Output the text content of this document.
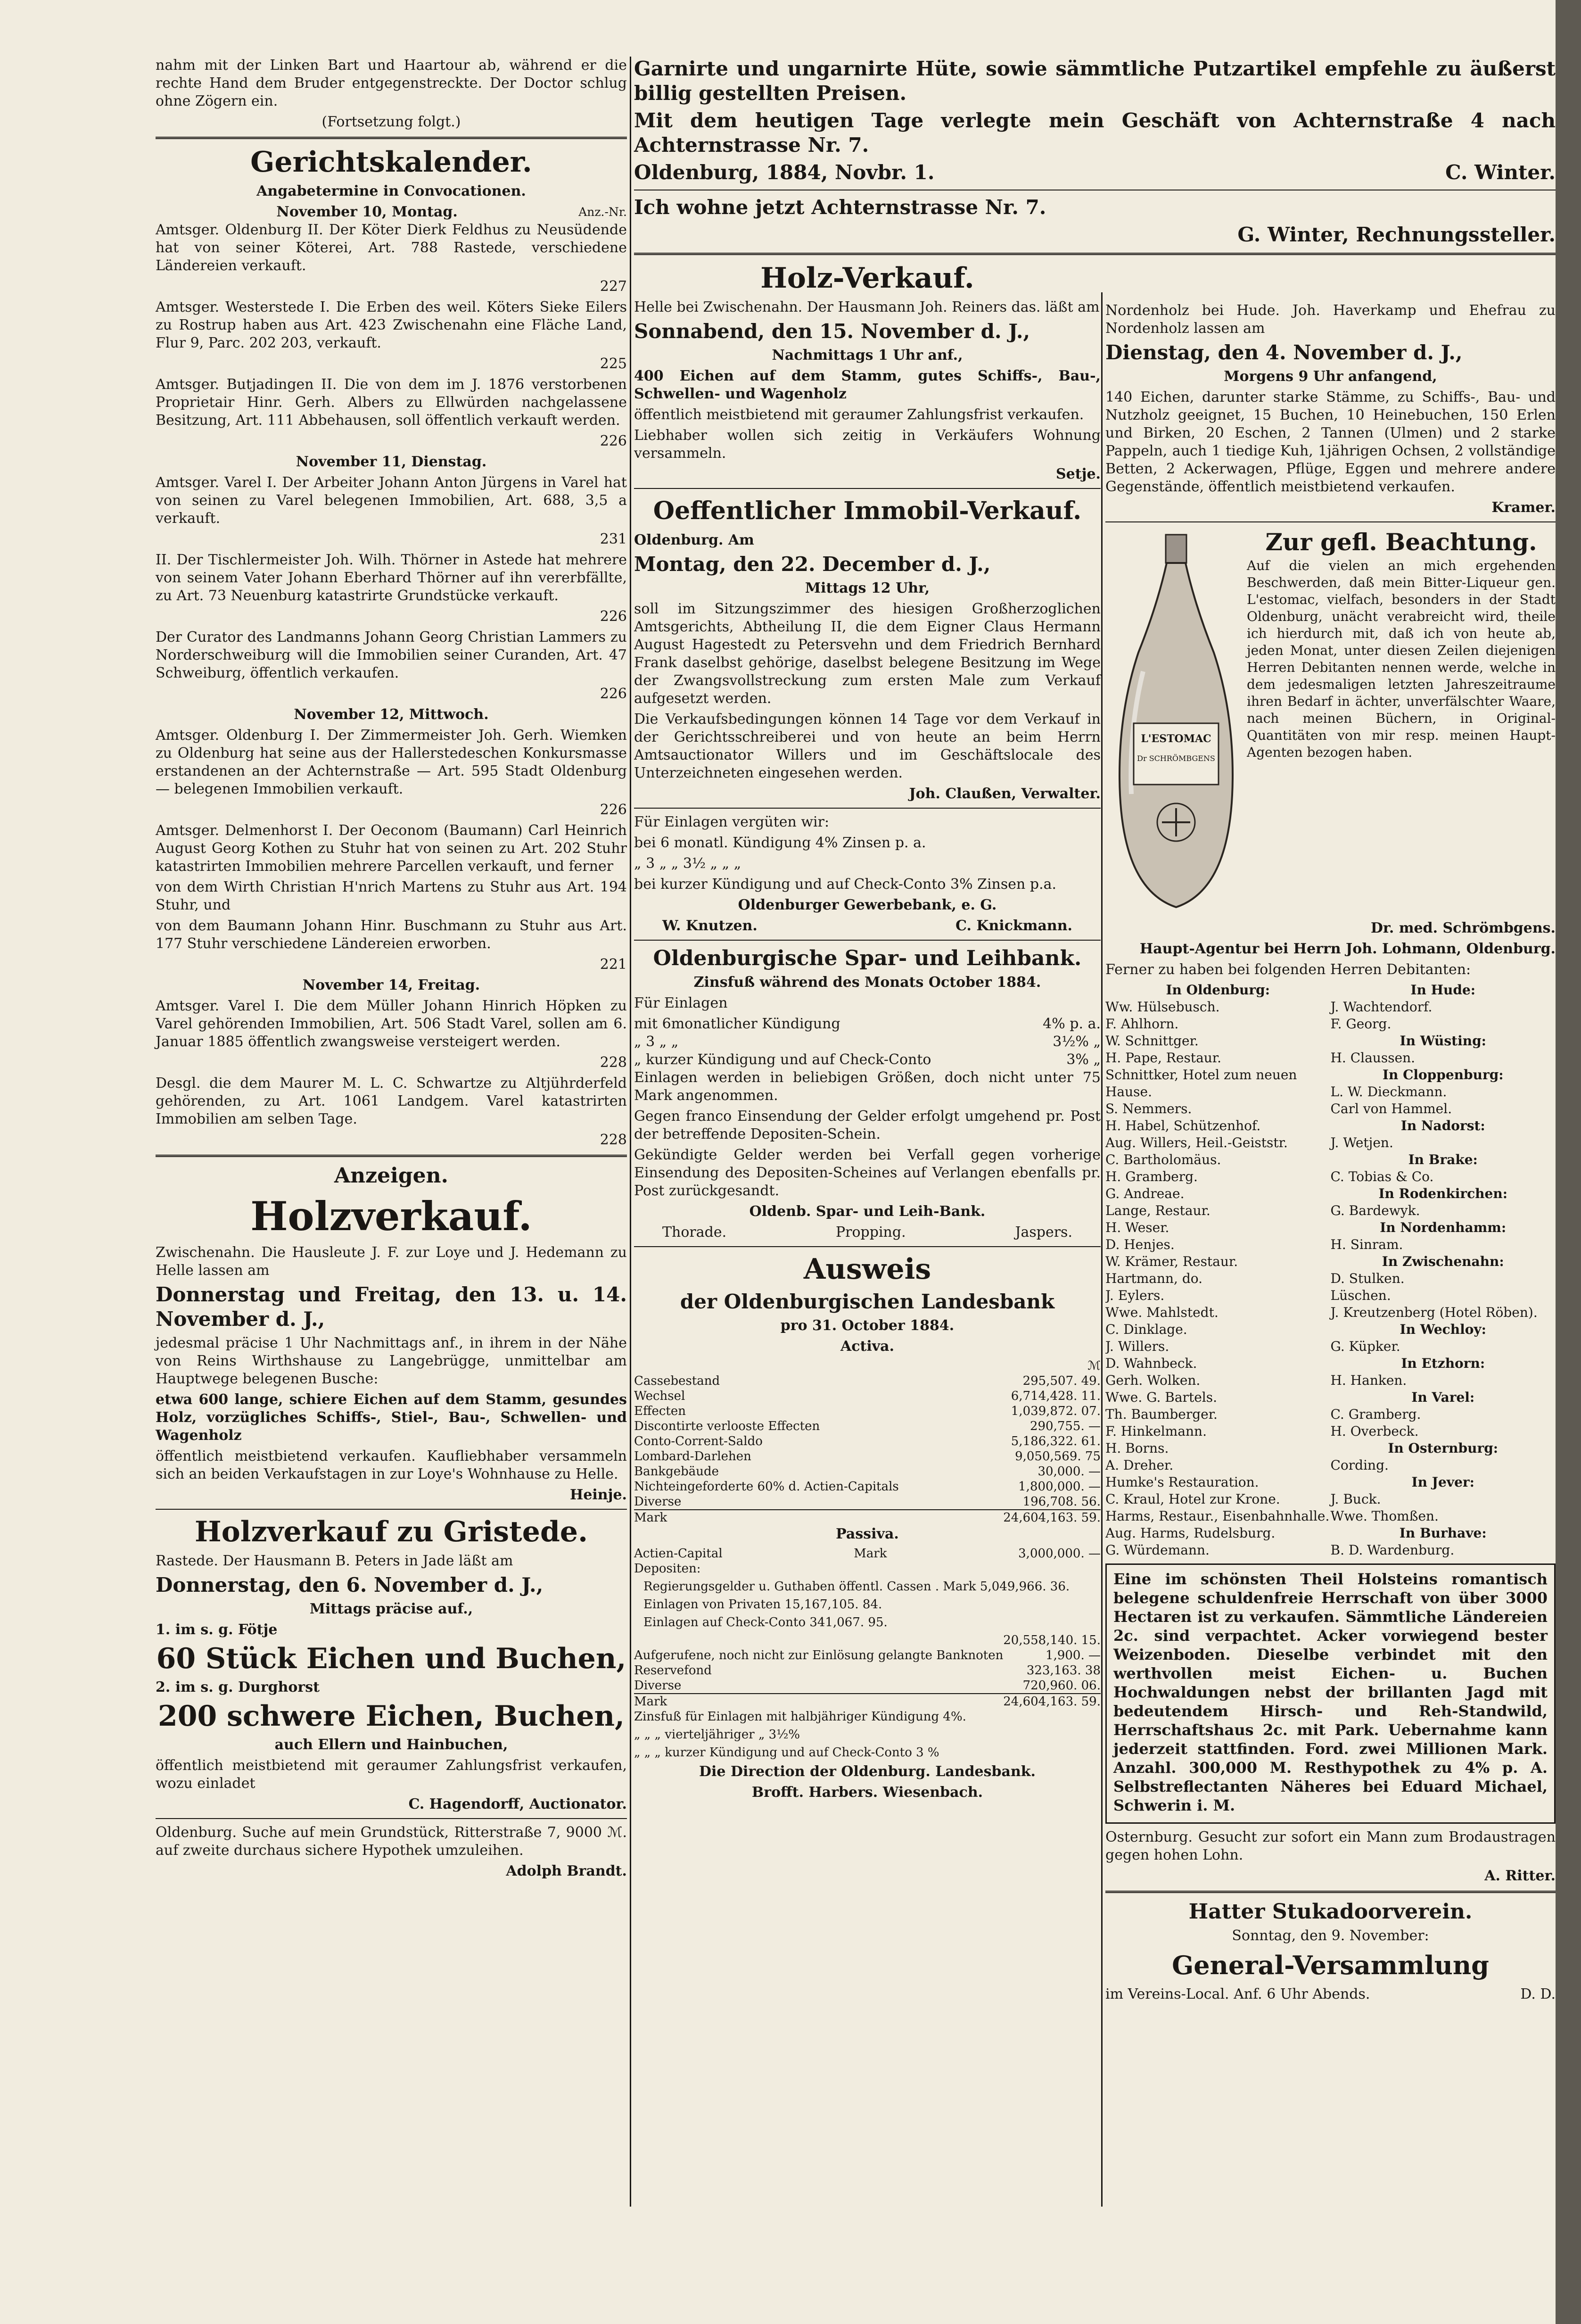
nahm mit der Linken Bart und Haartour ab, während er die rechte Hand dem Bruder entgegenstreckte. Der Doctor schlug ohne Zögern ein.

(Fortsetzung folgt.)

Gerichtskalender.

Angabetermine in Convocationen.

November 10, Montag.	Anz.-Nr.

Amtsger. Oldenburg II. Der Köter Dierk Feldhus zu Neusüdende hat von seiner Köterei, Art. 788 Rastede, verschiedene Ländereien verkauft.

227

Amtsger. Westerstede I. Die Erben des weil. Köters Sieke Eilers zu Rostrup haben aus Art. 423 Zwischenahn eine Fläche Land, Flur 9, Parc. 202 203, verkauft.

225

Amtsger. Butjadingen II. Die von dem im J. 1876 verstorbenen Proprietair Hinr. Gerh. Albers zu Ellwürden nachgelassene Besitzung, Art. 111 Abbehausen, soll öffentlich verkauft werden.

226

November 11, Dienstag.

Amtsger. Varel I. Der Arbeiter Johann Anton Jürgens in Varel hat von seinen zu Varel belegenen Immobilien, Art. 688, 3,5 a verkauft.

231

II. Der Tischlermeister Joh. Wilh. Thörner in Astede hat mehrere von seinem Vater Johann Eberhard Thörner auf ihn vererbfällte, zu Art. 73 Neuenburg katastrirte Grundstücke verkauft.

226

Der Curator des Landmanns Johann Georg Christian Lammers zu Norderschweiburg will die Immobilien seiner Curanden, Art. 47 Schweiburg, öffentlich verkaufen.

226

November 12, Mittwoch.

Amtsger. Oldenburg I. Der Zimmermeister Joh. Gerh. Wiemken zu Oldenburg hat seine aus der Hallerstedeschen Konkursmasse erstandenen an der Achternstraße — Art. 595 Stadt Oldenburg — belegenen Immobilien verkauft.

226

Amtsger. Delmenhorst I. Der Oeconom (Baumann) Carl Heinrich August Georg Kothen zu Stuhr hat von seinen zu Art. 202 Stuhr katastrirten Immobilien mehrere Parcellen verkauft, und ferner

von dem Wirth Christian H'nrich Martens zu Stuhr aus Art. 194 Stuhr, und

von dem Baumann Johann Hinr. Buschmann zu Stuhr aus Art. 177 Stuhr verschiedene Ländereien erworben.

221

November 14, Freitag.

Amtsger. Varel I. Die dem Müller Johann Hinrich Höpken zu Varel gehörenden Immobilien, Art. 506 Stadt Varel, sollen am 6. Januar 1885 öffentlich zwangsweise versteigert werden.

228

Desgl. die dem Maurer M. L. C. Schwartze zu Altjührderfeld gehörenden, zu Art. 1061 Landgem. Varel katastrirten Immobilien am selben Tage.

228

Anzeigen.
Holzverkauf.

Zwischenahn. Die Hausleute J. F. zur Loye und J. Hedemann zu Helle lassen am

Donnerstag und Freitag, den 13. u. 14. November d. J.,

jedesmal präcise 1 Uhr Nachmittags anf., in ihrem in der Nähe von Reins Wirthshause zu Langebrügge, unmittelbar am Hauptwege belegenen Busche:

etwa 600 lange, schiere Eichen auf dem Stamm, gesundes Holz, vorzügliches Schiffs-, Stiel-, Bau-, Schwellen- und Wagenholz

öffentlich meistbietend verkaufen. Kaufliebhaber versammeln sich an beiden Verkaufstagen in zur Loye's Wohnhause zu Helle.

Heinje.

Holzverkauf zu Gristede.

Rastede. Der Hausmann B. Peters in Jade läßt am

Donnerstag, den 6. November d. J.,

Mittags präcise auf.,

1. im s. g. Fötje

60 Stück Eichen und Buchen,

2. im s. g. Durghorst

200 schwere Eichen, Buchen,

auch Ellern und Hainbuchen,

öffentlich meistbietend mit geraumer Zahlungsfrist verkaufen, wozu einladet

C. Hagendorff, Auctionator.

Oldenburg. Suche auf mein Grundstück, Ritterstraße 7, 9000 ℳ. auf zweite durchaus sichere Hypothek umzuleihen.

Adolph Brandt.

Garnirte und ungarnirte Hüte, sowie sämmtliche Putzartikel empfehle zu äußerst billig gestellten Preisen.

Mit dem heutigen Tage verlegte mein Geschäft von Achternstraße 4 nach Achternstrasse Nr. 7.

Oldenburg, 1884, Novbr. 1.	C. Winter.

Ich wohne jetzt Achternstrasse Nr. 7.

G. Winter, Rechnungssteller.

Holz-Verkauf.

Helle bei Zwischenahn. Der Hausmann Joh. Reiners das. läßt am

Sonnabend, den 15. November d. J.,

Nachmittags 1 Uhr anf.,

400 Eichen auf dem Stamm, gutes Schiffs-, Bau-, Schwellen- und Wagenholz

öffentlich meistbietend mit geraumer Zahlungsfrist verkaufen.

Liebhaber wollen sich zeitig in Verkäufers Wohnung versammeln.

Setje.

Oeffentlicher Immobil-Verkauf.

Oldenburg. Am

Montag, den 22. December d. J.,

Mittags 12 Uhr,

soll im Sitzungszimmer des hiesigen Großherzoglichen Amtsgerichts, Abtheilung II, die dem Eigner Claus Hermann August Hagestedt zu Petersvehn und dem Friedrich Bernhard Frank daselbst gehörige, daselbst belegene Besitzung im Wege der Zwangsvollstreckung zum ersten Male zum Verkauf aufgesetzt werden.

Die Verkaufsbedingungen können 14 Tage vor dem Verkauf in der Gerichtsschreiberei und von heute an beim Herrn Amtsauctionator Willers und im Geschäftslocale des Unterzeichneten eingesehen werden.

Joh. Claußen, Verwalter.

Für Einlagen vergüten wir:

bei 6 monatl. Kündigung 4% Zinsen p. a.

„ 3 „ „ 3½ „ „ „

bei kurzer Kündigung und auf Check-Conto 3% Zinsen p.a.

Oldenburger Gewerbebank, e. G.

W. Knutzen.	C. Knickmann.
Oldenburgische Spar- und Leihbank.

Zinsfuß während des Monats October 1884.

Für Einlagen

mit 6monatlicher Kündigung	4% p. a.
„ 3 „ „	3½% „
„ kurzer Kündigung und auf Check-Conto	3% „

Einlagen werden in beliebigen Größen, doch nicht unter 75 Mark angenommen.

Gegen franco Einsendung der Gelder erfolgt umgehend pr. Post der betreffende Depositen-Schein.

Gekündigte Gelder werden bei Verfall gegen vorherige Einsendung des Depositen-Scheines auf Verlangen ebenfalls pr. Post zurückgesandt.

Oldenb. Spar- und Leih-Bank.

Thorade.	Propping.	Jaspers.
Ausweis

der Oldenburgischen Landesbank

pro 31. October 1884.

Activa.

ℳ
Cassebestand	295,507. 49.
Wechsel	6,714,428. 11.
Effecten	1,039,872. 07.
Discontirte verlooste Effecten	290,755. —
Conto-Corrent-Saldo	5,186,322. 61.
Lombard-Darlehen	9,050,569. 75
Bankgebäude	30,000. —
Nichteingeforderte 60% d. Actien-Capitals	1,800,000. —
Diverse	196,708. 56.
Mark	24,604,163. 59.

Passiva.

Actien-Capital	Mark	3,000,000. —

Depositen:

Regierungsgelder u. Guthaben öffentl. Cassen . Mark 5,049,966. 36.

Einlagen von Privaten 15,167,105. 84.

Einlagen auf Check-Conto 341,067. 95.

20,558,140. 15.
Aufgerufene, noch nicht zur Einlösung gelangte Banknoten	1,900. —
Reservefond	323,163. 38
Diverse	720,960. 06.
Mark	24,604,163. 59.

Zinsfuß für Einlagen mit halbjähriger Kündigung 4%.

„ „ „ vierteljähriger „ 3½%

„ „ „ kurzer Kündigung und auf Check-Conto 3 %

Die Direction der Oldenburg. Landesbank.

Brofft. Harbers. Wiesenbach.

Nordenholz bei Hude. Joh. Haverkamp und Ehefrau zu Nordenholz lassen am

Dienstag, den 4. November d. J.,

Morgens 9 Uhr anfangend,

140 Eichen, darunter starke Stämme, zu Schiffs-, Bau- und Nutzholz geeignet, 15 Buchen, 10 Heinebuchen, 150 Erlen und Birken, 20 Eschen, 2 Tannen (Ulmen) und 2 starke Pappeln, auch 1 tiedige Kuh, 1jährigen Ochsen, 2 vollständige Betten, 2 Ackerwagen, Pflüge, Eggen und mehrere andere Gegenstände, öffentlich meistbietend verkaufen.

Kramer.

L'ESTOMAC
Dr SCHRÖMBGENS
Zur gefl. Beachtung.

Auf die vielen an mich ergehenden Beschwerden, daß mein Bitter-Liqueur gen. L'estomac, vielfach, besonders in der Stadt Oldenburg, unächt verabreicht wird, theile ich hierdurch mit, daß ich von heute ab, jeden Monat, unter diesen Zeilen diejenigen Herren Debitanten nennen werde, welche in dem jedesmaligen letzten Jahreszeitraume ihren Bedarf in ächter, unverfälschter Waare, nach meinen Büchern, in Original-Quantitäten von mir resp. meinen Haupt-Agenten bezogen haben.

Dr. med. Schrömbgens.

Haupt-Agentur bei Herrn Joh. Lohmann, Oldenburg.

Ferner zu haben bei folgenden Herren Debitanten:

In Oldenburg:
Ww. Hülsebusch.
F. Ahlhorn.
W. Schnittger.
H. Pape, Restaur.
Schnittker, Hotel zum neuen Hause.
S. Nemmers.
H. Habel, Schützenhof.
Aug. Willers, Heil.-Geiststr.
C. Bartholomäus.
H. Gramberg.
G. Andreae.
Lange, Restaur.
H. Weser.
D. Henjes.
W. Krämer, Restaur.
Hartmann, do.
J. Eylers.
Wwe. Mahlstedt.
C. Dinklage.
J. Willers.
D. Wahnbeck.
Gerh. Wolken.
Wwe. G. Bartels.
Th. Baumberger.
F. Hinkelmann.
H. Borns.
A. Dreher.
Humke's Restauration.
C. Kraul, Hotel zur Krone.
Harms, Restaur., Eisenbahnhalle.
Aug. Harms, Rudelsburg.
G. Würdemann.
In Hude:
J. Wachtendorf.
F. Georg.
In Wüsting:
H. Claussen.
In Cloppenburg:
L. W. Dieckmann.
Carl von Hammel.
In Nadorst:
J. Wetjen.
In Brake:
C. Tobias & Co.
In Rodenkirchen:
G. Bardewyk.
In Nordenhamm:
H. Sinram.
In Zwischenahn:
D. Stulken.
Lüschen.
J. Kreutzenberg (Hotel Röben).
In Wechloy:
G. Küpker.
In Etzhorn:
H. Hanken.
In Varel:
C. Gramberg.
H. Overbeck.
In Osternburg:
Cording.
In Jever:
J. Buck.
Wwe. Thomßen.
In Burhave:
B. D. Wardenburg.

Eine im schönsten Theil Holsteins romantisch belegene schuldenfreie Herrschaft von über 3000 Hectaren ist zu verkaufen. Sämmtliche Ländereien 2c. sind verpachtet. Acker vorwiegend bester Weizenboden. Dieselbe verbindet mit den werthvollen meist Eichen- u. Buchen Hochwaldungen nebst der brillanten Jagd mit bedeutendem Hirsch- und Reh-Standwild, Herrschaftshaus 2c. mit Park. Uebernahme kann jederzeit stattfinden. Ford. zwei Millionen Mark. Anzahl. 300,000 M. Resthypothek zu 4% p. A. Selbstreflectanten Näheres bei Eduard Michael, Schwerin i. M.

Osternburg. Gesucht zur sofort ein Mann zum Brodaustragen gegen hohen Lohn.

A. Ritter.

Hatter Stukadoorverein.

Sonntag, den 9. November:

General-Versammlung
im Vereins-Local. Anf. 6 Uhr Abends.	D. D.
